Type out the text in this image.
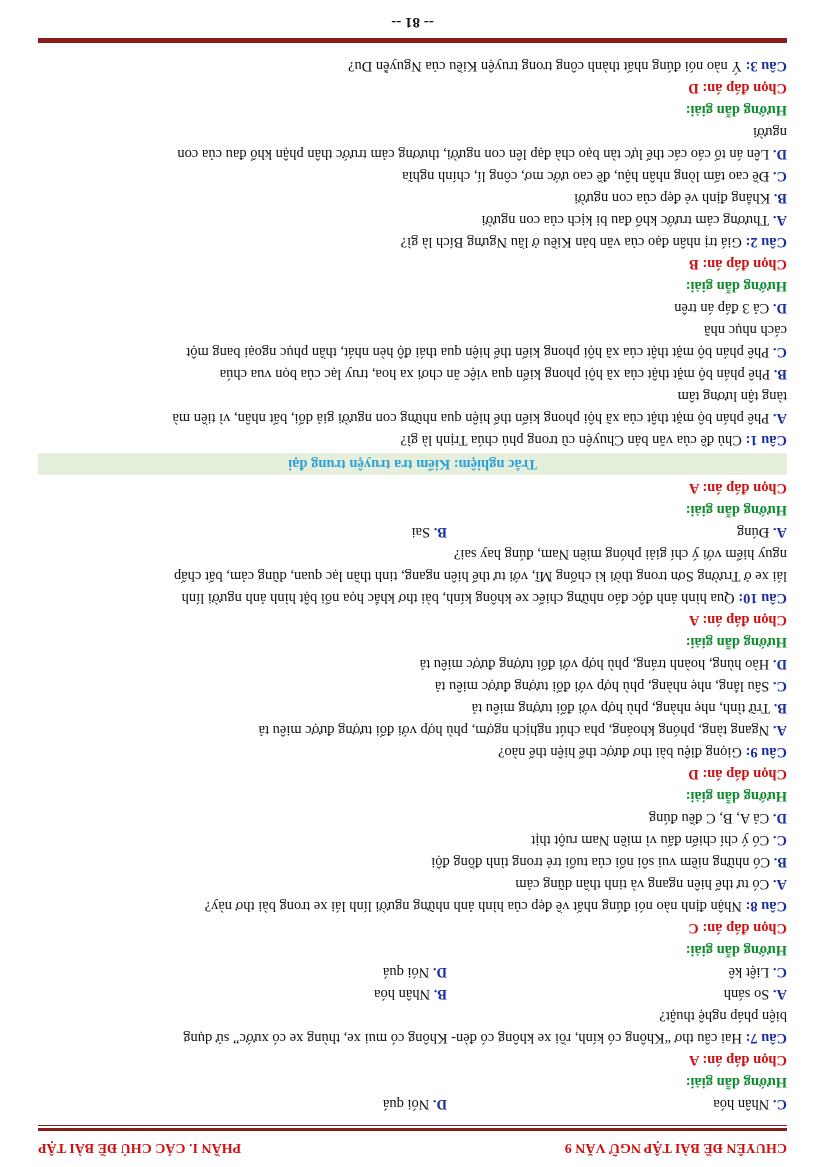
CHUYÊN ĐỀ BÀI TẬP NGỮ VĂN 9
PHẦN I. CÁC CHỦ ĐỀ BÀI TẬP
C. Nhân hóa
D. Nói quá
Hướng dẫn giải:
Chọn đáp án: A
Câu 7: Hai câu thơ “Không có kính, rồi xe không có đèn- Không có mui xe, thùng xe có xước” sử dụng
biện pháp nghệ thuật?
A. So sánh
B. Nhân hóa
C. Liệt kê
D. Nói quá
Hướng dẫn giải:
Chọn đáp án: C
Câu 8: Nhận định nào nói đúng nhất về đẹp của hình ảnh những người lính lái xe trong bài thơ này?
A. Có tư thế hiên ngang và tinh thần dũng cảm
B. Có những niềm vui sôi nổi của tuổi trẻ trong tình đồng đội
C. Có ý chí chiến đấu vì miền Nam ruột thịt
D. Cả A, B, C đều đúng
Hướng dẫn giải:
Chọn đáp án: D
Câu 9: Giọng điệu bài thơ được thể hiện thế nào?
A. Ngang tàng, phóng khoáng, pha chút nghịch ngợm, phù hợp với đối tượng được miêu tả
B. Trữ tình, nhẹ nhàng, phù hợp với đối tượng miêu tả
C. Sâu lắng, nhẹ nhàng, phù hợp với đối tượng được miêu tả
D. Hào hùng, hoành tráng, phù hợp với đối tượng được miêu tả
Hướng dẫn giải:
Chọn đáp án: A
Câu 10: Qua hình ảnh độc đáo những chiếc xe không kính, bài thơ khắc họa nổi bật hình ảnh người lính
lái xe ở Trường Sơn trong thời kì chống Mĩ, với tư thế hiên ngang, tinh thần lạc quan, dũng cảm, bất chấp
nguy hiểm với ý chí giải phóng miền Nam, đúng hay sai?
A. Đúng
B. Sai
Hướng dẫn giải:
Chọn đáp án: A
Trắc nghiệm: Kiểm tra truyện trung đại
Câu 1: Chủ đề của văn bản Chuyện cũ trong phủ chúa Trịnh là gì?
A. Phê phán bộ mặt thật của xã hội phong kiến thể hiện qua những con người giả dối, bất nhân, vì tiền mà
tàng tận lương tâm
B. Phê phán bộ mặt thật của xã hội phong kiến qua việc ăn chơi xa hoa, truy lạc của bọn vua chúa
C. Phê phán bộ mặt thật của xã hội phong kiến thể hiện qua thái độ hèn nhát, thần phục ngoại bang một
cách nhục nhã
D. Cả 3 đáp án trên
Hướng dẫn giải:
Chọn đáp án: B
Câu 2: Giá trị nhân đạo của văn bản Kiều ở lầu Ngưng Bích là gì?
A. Thương cảm trước khổ đau bi kịch của con người
B. Khẳng định vẻ đẹp của con người
C. Đề cao tấm lòng nhân hậu, đề cao ước mơ, công lí, chính nghĩa
D. Lên án tố cáo các thế lực tàn bạo chà đạp lên con người, thương cảm trước thân phận khổ đau của con
người
Hướng dẫn giải:
Chọn đáp án: D
Câu 3: Ý nào nói đúng nhất thành công trong truyện Kiều của Nguyễn Du?
-- 81 --
